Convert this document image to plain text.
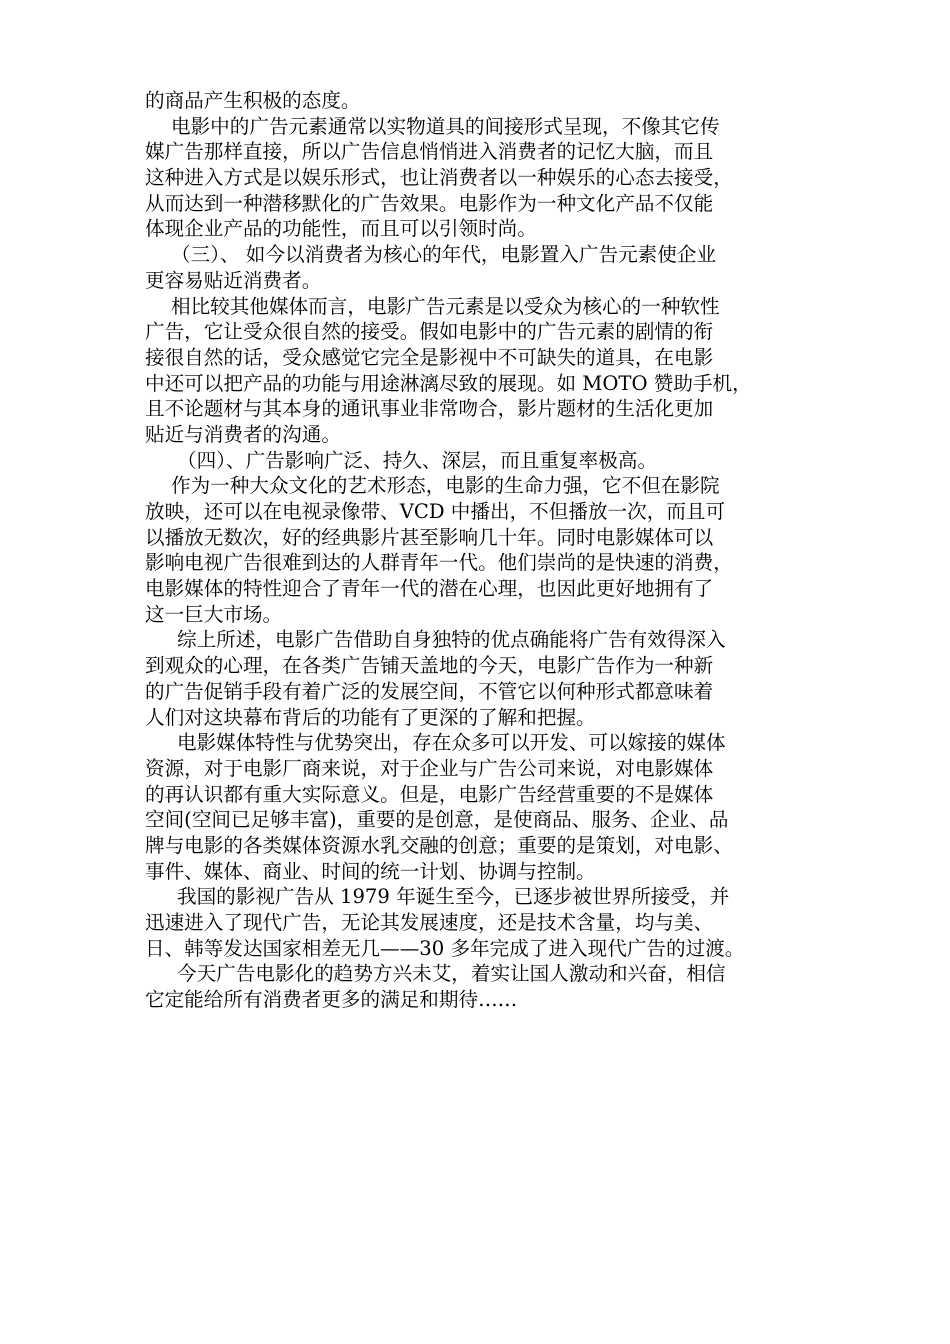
的商品产生积极的态度。
电影中的广告元素通常以实物道具的间接形式呈现，不像其它传
媒广告那样直接，所以广告信息悄悄进入消费者的记忆大脑，而且
这种进入方式是以娱乐形式，也让消费者以一种娱乐的心态去接受，
从而达到一种潜移默化的广告效果。电影作为一种文化产品不仅能
体现企业产品的功能性，而且可以引领时尚。
（三）、 如今以消费者为核心的年代，电影置入广告元素使企业
更容易贴近消费者。
相比较其他媒体而言，电影广告元素是以受众为核心的一种软性
广告，它让受众很自然的接受。假如电影中的广告元素的剧情的衔
接很自然的话，受众感觉它完全是影视中不可缺失的道具，在电影
中还可以把产品的功能与用途淋漓尽致的展现。如 MOTO 赞助手机，
且不论题材与其本身的通讯事业非常吻合，影片题材的生活化更加
贴近与消费者的沟通。
（四）、广告影响广泛、持久、深层，而且重复率极高。
作为一种大众文化的艺术形态，电影的生命力强，它不但在影院
放映，还可以在电视录像带、VCD 中播出，不但播放一次，而且可
以播放无数次，好的经典影片甚至影响几十年。同时电影媒体可以
影响电视广告很难到达的人群青年一代。他们崇尚的是快速的消费，
电影媒体的特性迎合了青年一代的潜在心理，也因此更好地拥有了
这一巨大市场。
综上所述，电影广告借助自身独特的优点确能将广告有效得深入
到观众的心理，在各类广告铺天盖地的今天，电影广告作为一种新
的广告促销手段有着广泛的发展空间，不管它以何种形式都意味着
人们对这块幕布背后的功能有了更深的了解和把握。
电影媒体特性与优势突出，存在众多可以开发、可以嫁接的媒体
资源，对于电影厂商来说，对于企业与广告公司来说，对电影媒体
的再认识都有重大实际意义。但是，电影广告经营重要的不是媒体
空间(空间已足够丰富)，重要的是创意，是使商品、服务、企业、品
牌与电影的各类媒体资源水乳交融的创意；重要的是策划，对电影、
事件、媒体、商业、时间的统一计划、协调与控制。
我国的影视广告从 1979 年诞生至今，已逐步被世界所接受，并
迅速进入了现代广告，无论其发展速度，还是技术含量，均与美、
日、韩等发达国家相差无几——30 多年完成了进入现代广告的过渡。
今天广告电影化的趋势方兴未艾，着实让国人激动和兴奋，相信
它定能给所有消费者更多的满足和期待……
